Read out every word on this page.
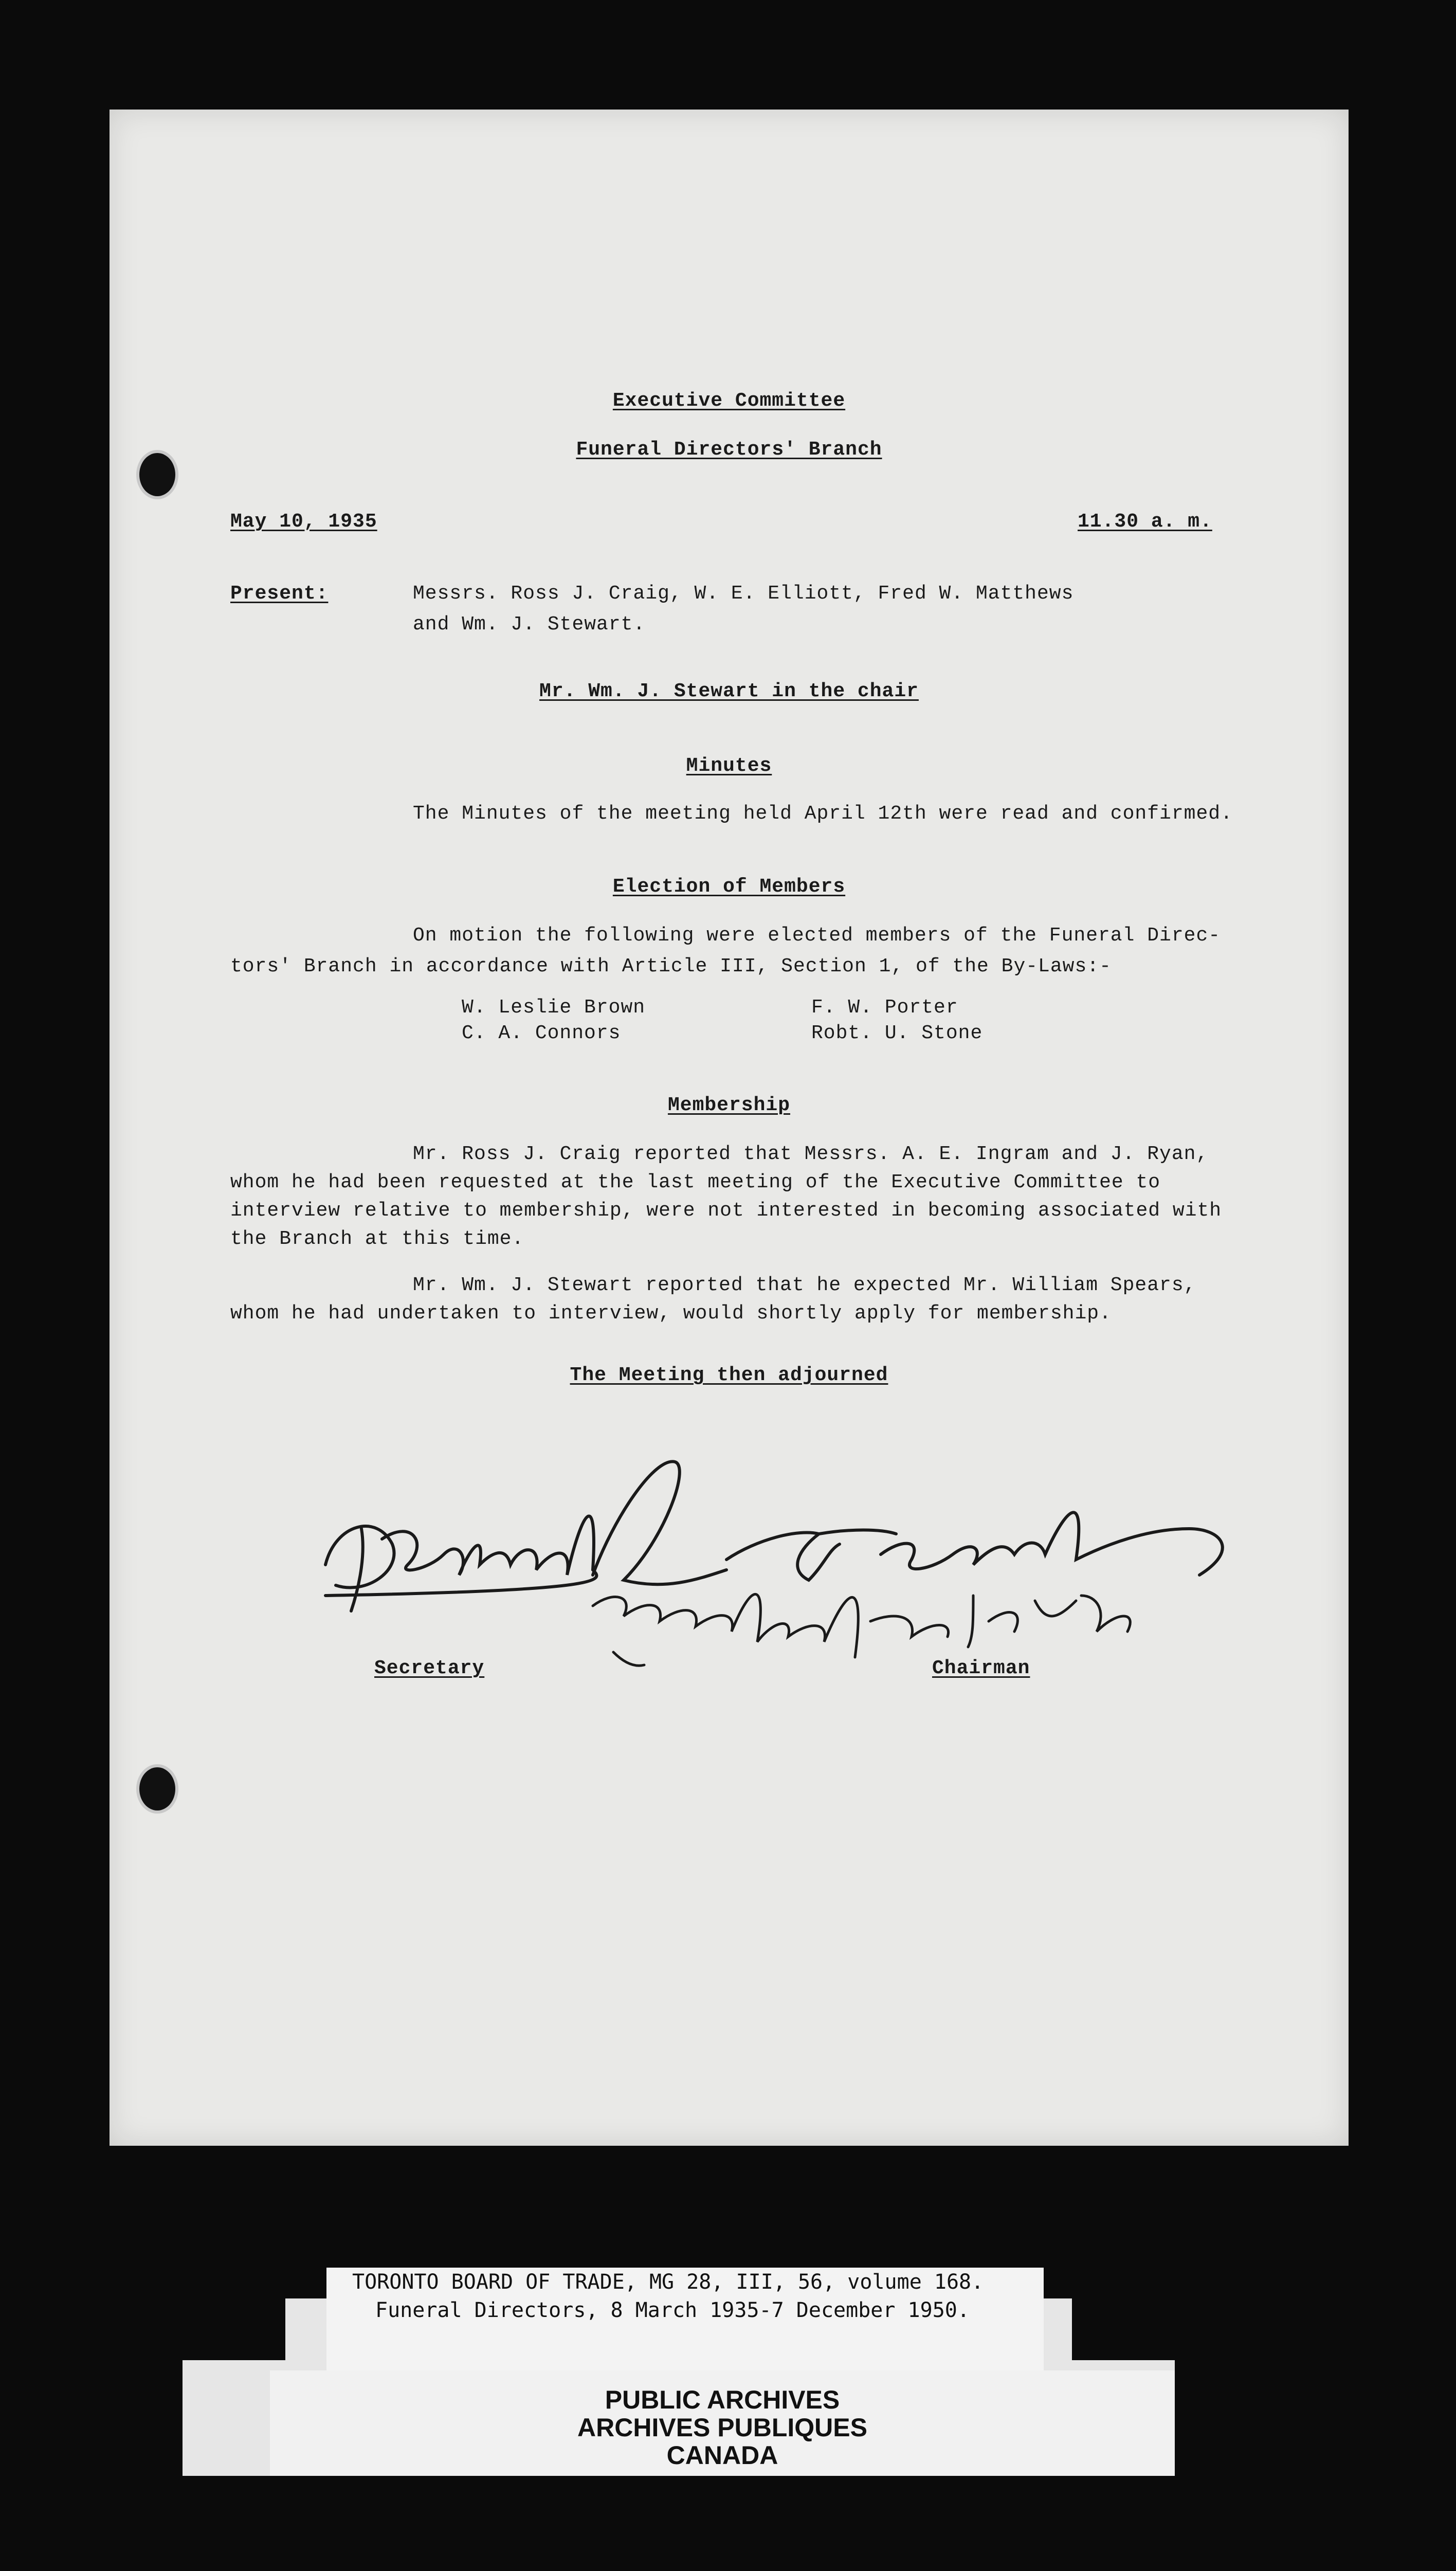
Executive Committee
Funeral Directors' Branch
May 10, 1935	11.30 a. m.
Present:	Messrs. Ross J. Craig, W. E. Elliott, Fred W. Matthews
and Wm. J. Stewart.
Mr. Wm. J. Stewart in the chair
Minutes
The Minutes of the meeting held April 12th were read and confirmed.
Election of Members
On motion the following were elected members of the Funeral Direc-
tors' Branch in accordance with Article III, Section 1, of the By-Laws:-
W. Leslie Brown	F. W. Porter
C. A. Connors	Robt. U. Stone
Membership
Mr. Ross J. Craig reported that Messrs. A. E. Ingram and J. Ryan,
whom he had been requested at the last meeting of the Executive Committee to
interview relative to membership, were not interested in becoming associated with
the Branch at this time.
Mr. Wm. J. Stewart reported that he expected Mr. William Spears,
whom he had undertaken to interview, would shortly apply for membership.
The Meeting then adjourned
Secretary	Chairman
TORONTO BOARD OF TRADE, MG 28, III, 56, volume 168.
Funeral Directors, 8 March 1935-7 December 1950.
PUBLIC ARCHIVES
ARCHIVES PUBLIQUES
CANADA
